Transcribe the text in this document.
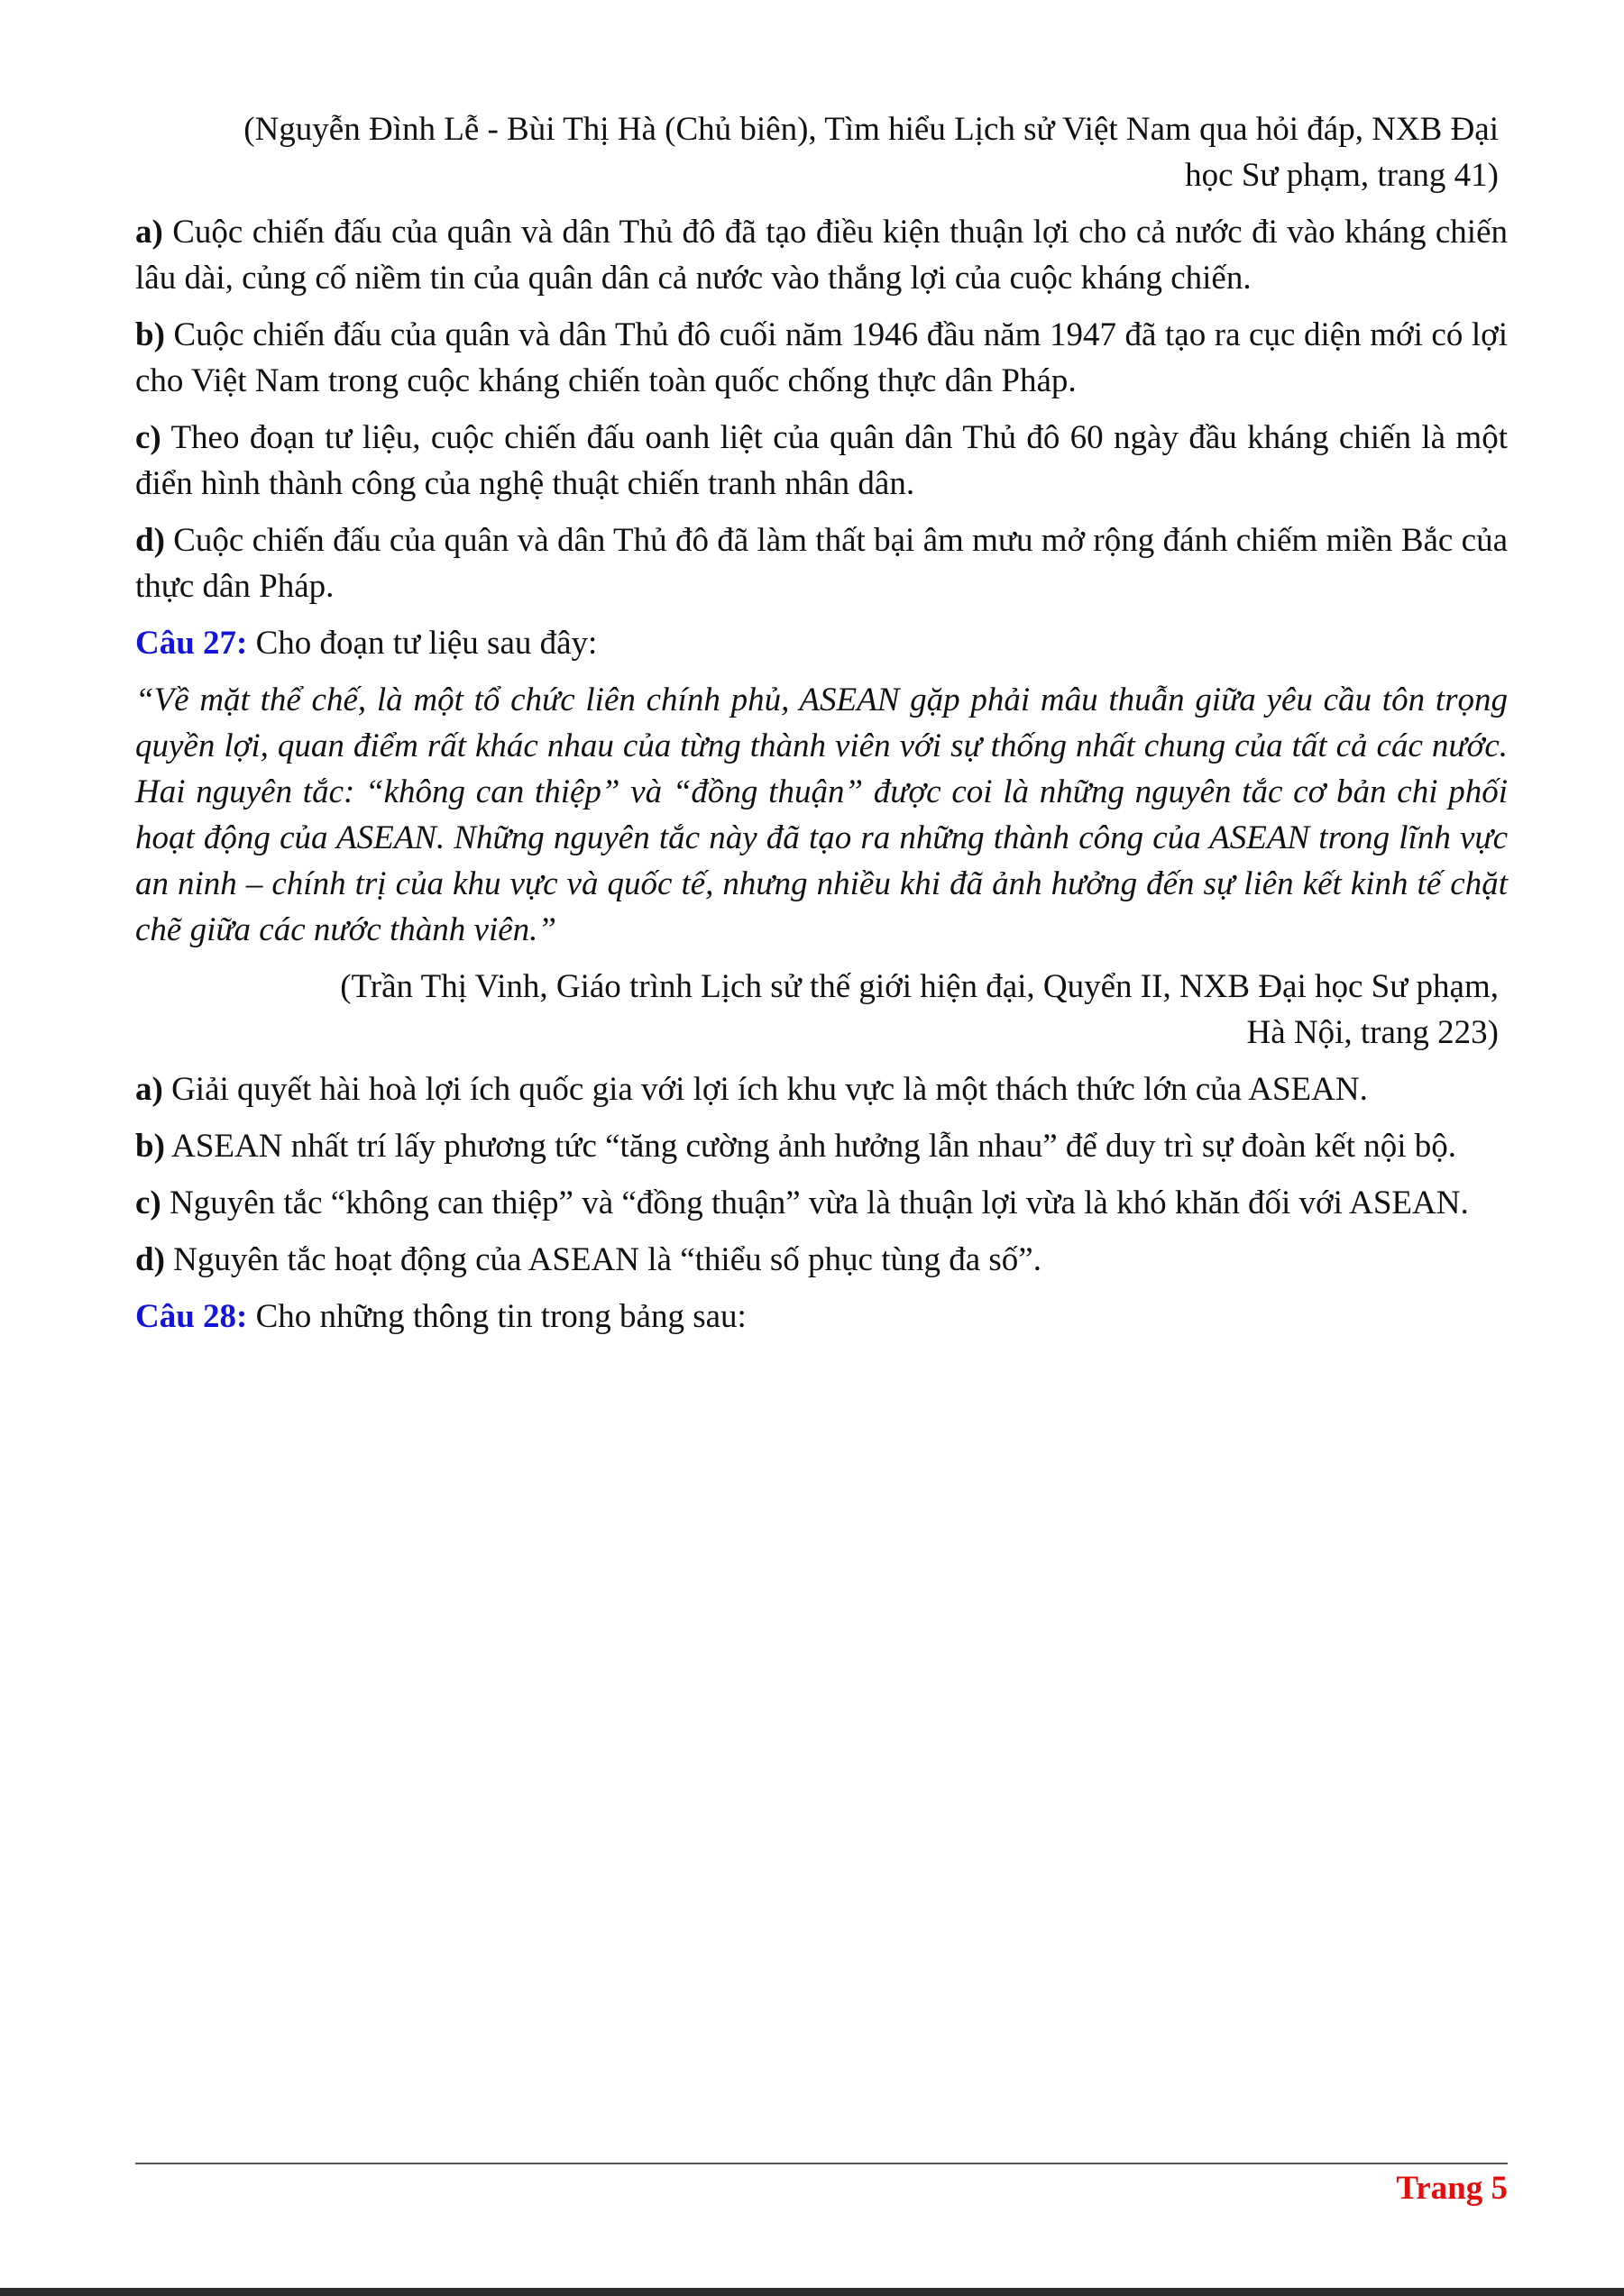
(Nguyễn Đình Lễ - Bùi Thị Hà (Chủ biên), Tìm hiểu Lịch sử Việt Nam qua hỏi đáp, NXB Đại
học Sư phạm, trang 41)

a) Cuộc chiến đấu của quân và dân Thủ đô đã tạo điều kiện thuận lợi cho cả nước đi vào kháng chiến lâu dài, củng cố niềm tin của quân dân cả nước vào thắng lợi của cuộc kháng chiến.

b) Cuộc chiến đấu của quân và dân Thủ đô cuối năm 1946 đầu năm 1947 đã tạo ra cục diện mới có lợi cho Việt Nam trong cuộc kháng chiến toàn quốc chống thực dân Pháp.

c) Theo đoạn tư liệu, cuộc chiến đấu oanh liệt của quân dân Thủ đô 60 ngày đầu kháng chiến là một điển hình thành công của nghệ thuật chiến tranh nhân dân.

d) Cuộc chiến đấu của quân và dân Thủ đô đã làm thất bại âm mưu mở rộng đánh chiếm miền Bắc của thực dân Pháp.

Câu 27: Cho đoạn tư liệu sau đây:

“Về mặt thể chế, là một tổ chức liên chính phủ, ASEAN gặp phải mâu thuẫn giữa yêu cầu tôn trọng quyền lợi, quan điểm rất khác nhau của từng thành viên với sự thống nhất chung của tất cả các nước. Hai nguyên tắc: “không can thiệp” và “đồng thuận” được coi là những nguyên tắc cơ bản chi phối hoạt động của ASEAN. Những nguyên tắc này đã tạo ra những thành công của ASEAN trong lĩnh vực an ninh – chính trị của khu vực và quốc tế, nhưng nhiều khi đã ảnh hưởng đến sự liên kết kinh tế chặt chẽ giữa các nước thành viên.”

(Trần Thị Vinh, Giáo trình Lịch sử thế giới hiện đại, Quyển II, NXB Đại học Sư phạm,
Hà Nội, trang 223)

a) Giải quyết hài hoà lợi ích quốc gia với lợi ích khu vực là một thách thức lớn của ASEAN.

b) ASEAN nhất trí lấy phương tức “tăng cường ảnh hưởng lẫn nhau” để duy trì sự đoàn kết nội bộ.

c) Nguyên tắc “không can thiệp” và “đồng thuận” vừa là thuận lợi vừa là khó khăn đối với ASEAN.

d) Nguyên tắc hoạt động của ASEAN là “thiểu số phục tùng đa số”.

Câu 28: Cho những thông tin trong bảng sau:

Trang 5
